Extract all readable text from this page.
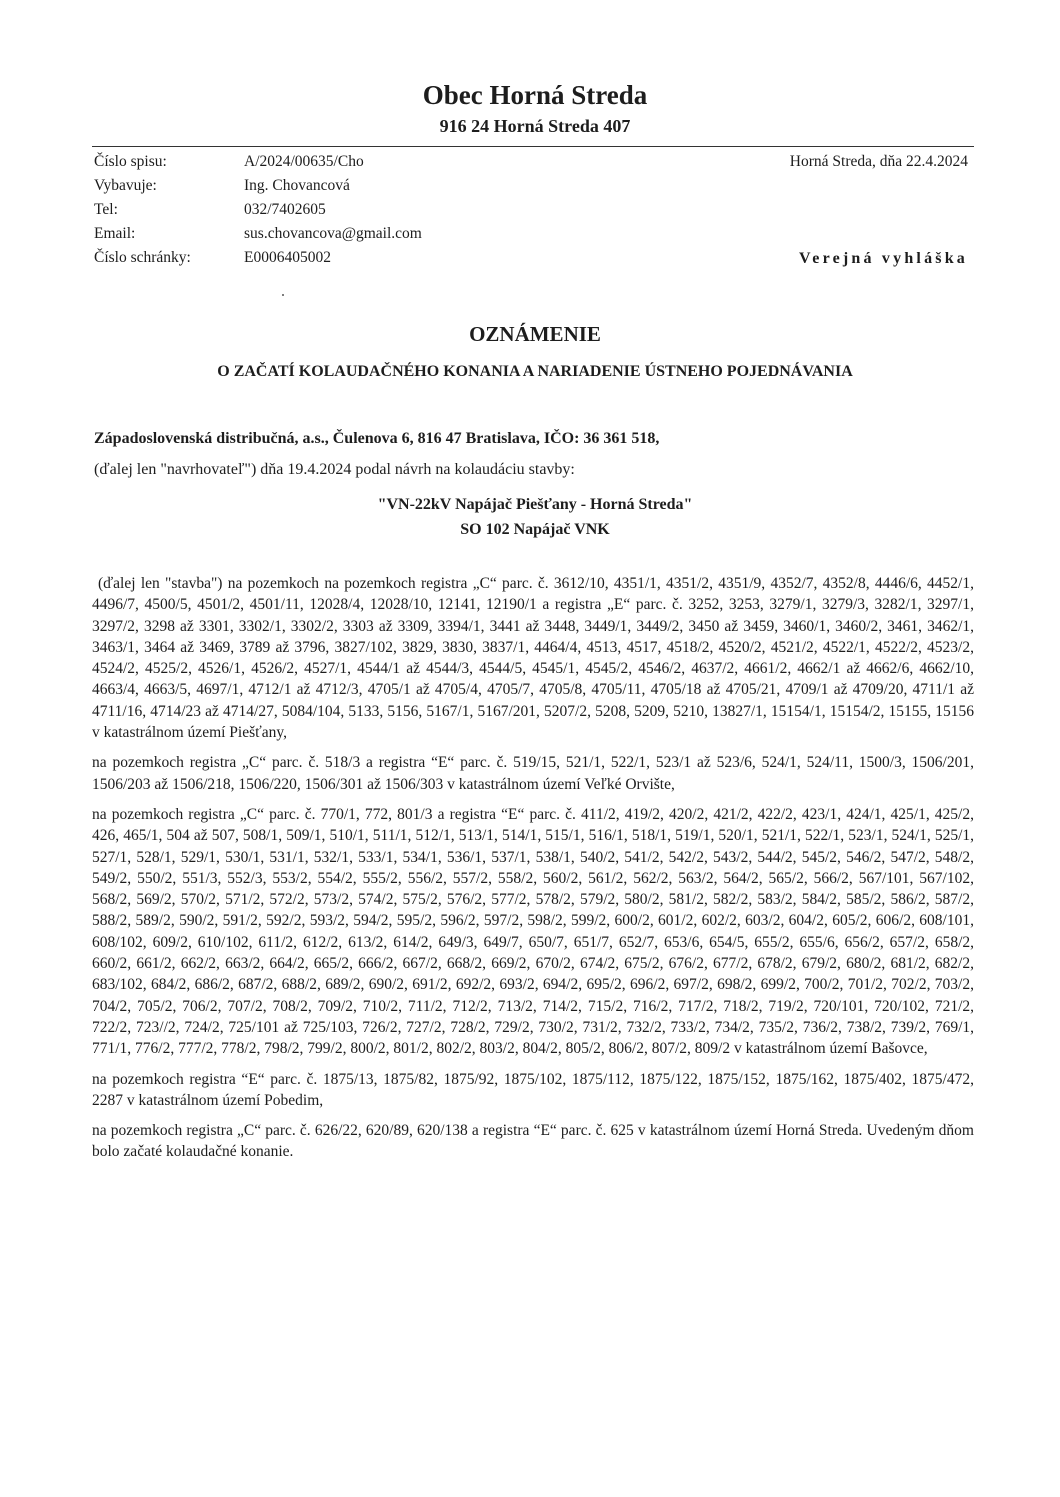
Obec Horná Streda
916 24 Horná Streda 407
Číslo spisu:	A/2024/00635/Cho
Vybavuje:	Ing. Chovancová
Tel:	032/7402605
Email:	sus.chovancova@gmail.com
Číslo schránky:	E0006405002
Horná Streda, dňa 22.4.2024
Verejná vyhláška
OZNÁMENIE
O ZAČATÍ KOLAUDAČNÉHO KONANIA A NARIADENIE ÚSTNEHO POJEDNÁVANIA
Západoslovenská distribučná, a.s., Čulenova 6, 816 47 Bratislava, IČO: 36 361 518,
(ďalej len "navrhovateľ") dňa 19.4.2024 podal návrh na kolaudáciu stavby:
"VN-22kV Napájač Piešťany - Horná Streda"
SO 102 Napájač VNK

(ďalej len "stavba") na pozemkoch na pozemkoch registra „C“ parc. č. 3612/10, 4351/1, 4351/2, 4351/9, 4352/7, 4352/8, 4446/6, 4452/1, 4496/7, 4500/5, 4501/2, 4501/11, 12028/4, 12028/10, 12141, 12190/1 a registra „E“ parc. č. 3252, 3253, 3279/1, 3279/3, 3282/1, 3297/1, 3297/2, 3298 až 3301, 3302/1, 3302/2, 3303 až 3309, 3394/1, 3441 až 3448, 3449/1, 3449/2, 3450 až 3459, 3460/1, 3460/2, 3461, 3462/1, 3463/1, 3464 až 3469, 3789 až 3796, 3827/102, 3829, 3830, 3837/1, 4464/4, 4513, 4517, 4518/2, 4520/2, 4521/2, 4522/1, 4522/2, 4523/2, 4524/2, 4525/2, 4526/1, 4526/2, 4527/1, 4544/1 až 4544/3, 4544/5, 4545/1, 4545/2, 4546/2, 4637/2, 4661/2, 4662/1 až 4662/6, 4662/10, 4663/4, 4663/5, 4697/1, 4712/1 až 4712/3, 4705/1 až 4705/4, 4705/7, 4705/8, 4705/11, 4705/18 až 4705/21, 4709/1 až 4709/20, 4711/1 až 4711/16, 4714/23 až 4714/27, 5084/104, 5133, 5156, 5167/1, 5167/201, 5207/2, 5208, 5209, 5210, 13827/1, 15154/1, 15154/2, 15155, 15156 v katastrálnom území Piešťany,

na pozemkoch registra „C“ parc. č. 518/3 a registra “E“ parc. č. 519/15, 521/1, 522/1, 523/1 až 523/6, 524/1, 524/11, 1500/3, 1506/201, 1506/203 až 1506/218, 1506/220, 1506/301 až 1506/303 v katastrálnom území Veľké Orvište,

na pozemkoch registra „C“ parc. č. 770/1, 772, 801/3 a registra “E“ parc. č. 411/2, 419/2, 420/2, 421/2, 422/2, 423/1, 424/1, 425/1, 425/2, 426, 465/1, 504 až 507, 508/1, 509/1, 510/1, 511/1, 512/1, 513/1, 514/1, 515/1, 516/1, 518/1, 519/1, 520/1, 521/1, 522/1, 523/1, 524/1, 525/1, 527/1, 528/1, 529/1, 530/1, 531/1, 532/1, 533/1, 534/1, 536/1, 537/1, 538/1, 540/2, 541/2, 542/2, 543/2, 544/2, 545/2, 546/2, 547/2, 548/2, 549/2, 550/2, 551/3, 552/3, 553/2, 554/2, 555/2, 556/2, 557/2, 558/2, 560/2, 561/2, 562/2, 563/2, 564/2, 565/2, 566/2, 567/101, 567/102, 568/2, 569/2, 570/2, 571/2, 572/2, 573/2, 574/2, 575/2, 576/2, 577/2, 578/2, 579/2, 580/2, 581/2, 582/2, 583/2, 584/2, 585/2, 586/2, 587/2, 588/2, 589/2, 590/2, 591/2, 592/2, 593/2, 594/2, 595/2, 596/2, 597/2, 598/2, 599/2, 600/2, 601/2, 602/2, 603/2, 604/2, 605/2, 606/2, 608/101, 608/102, 609/2, 610/102, 611/2, 612/2, 613/2, 614/2, 649/3, 649/7, 650/7, 651/7, 652/7, 653/6, 654/5, 655/2, 655/6, 656/2, 657/2, 658/2, 660/2, 661/2, 662/2, 663/2, 664/2, 665/2, 666/2, 667/2, 668/2, 669/2, 670/2, 674/2, 675/2, 676/2, 677/2, 678/2, 679/2, 680/2, 681/2, 682/2, 683/102, 684/2, 686/2, 687/2, 688/2, 689/2, 690/2, 691/2, 692/2, 693/2, 694/2, 695/2, 696/2, 697/2, 698/2, 699/2, 700/2, 701/2, 702/2, 703/2, 704/2, 705/2, 706/2, 707/2, 708/2, 709/2, 710/2, 711/2, 712/2, 713/2, 714/2, 715/2, 716/2, 717/2, 718/2, 719/2, 720/101, 720/102, 721/2, 722/2, 723//2, 724/2, 725/101 až 725/103, 726/2, 727/2, 728/2, 729/2, 730/2, 731/2, 732/2, 733/2, 734/2, 735/2, 736/2, 738/2, 739/2, 769/1, 771/1, 776/2, 777/2, 778/2, 798/2, 799/2, 800/2, 801/2, 802/2, 803/2, 804/2, 805/2, 806/2, 807/2, 809/2 v katastrálnom území Bašovce,

na pozemkoch registra “E“ parc. č. 1875/13, 1875/82, 1875/92, 1875/102, 1875/112, 1875/122, 1875/152, 1875/162, 1875/402, 1875/472, 2287 v katastrálnom území Pobedim,

na pozemkoch registra „C“ parc. č. 626/22, 620/89, 620/138 a registra “E“ parc. č. 625 v katastrálnom území Horná Streda. Uvedeným dňom bolo začaté kolaudačné konanie.
